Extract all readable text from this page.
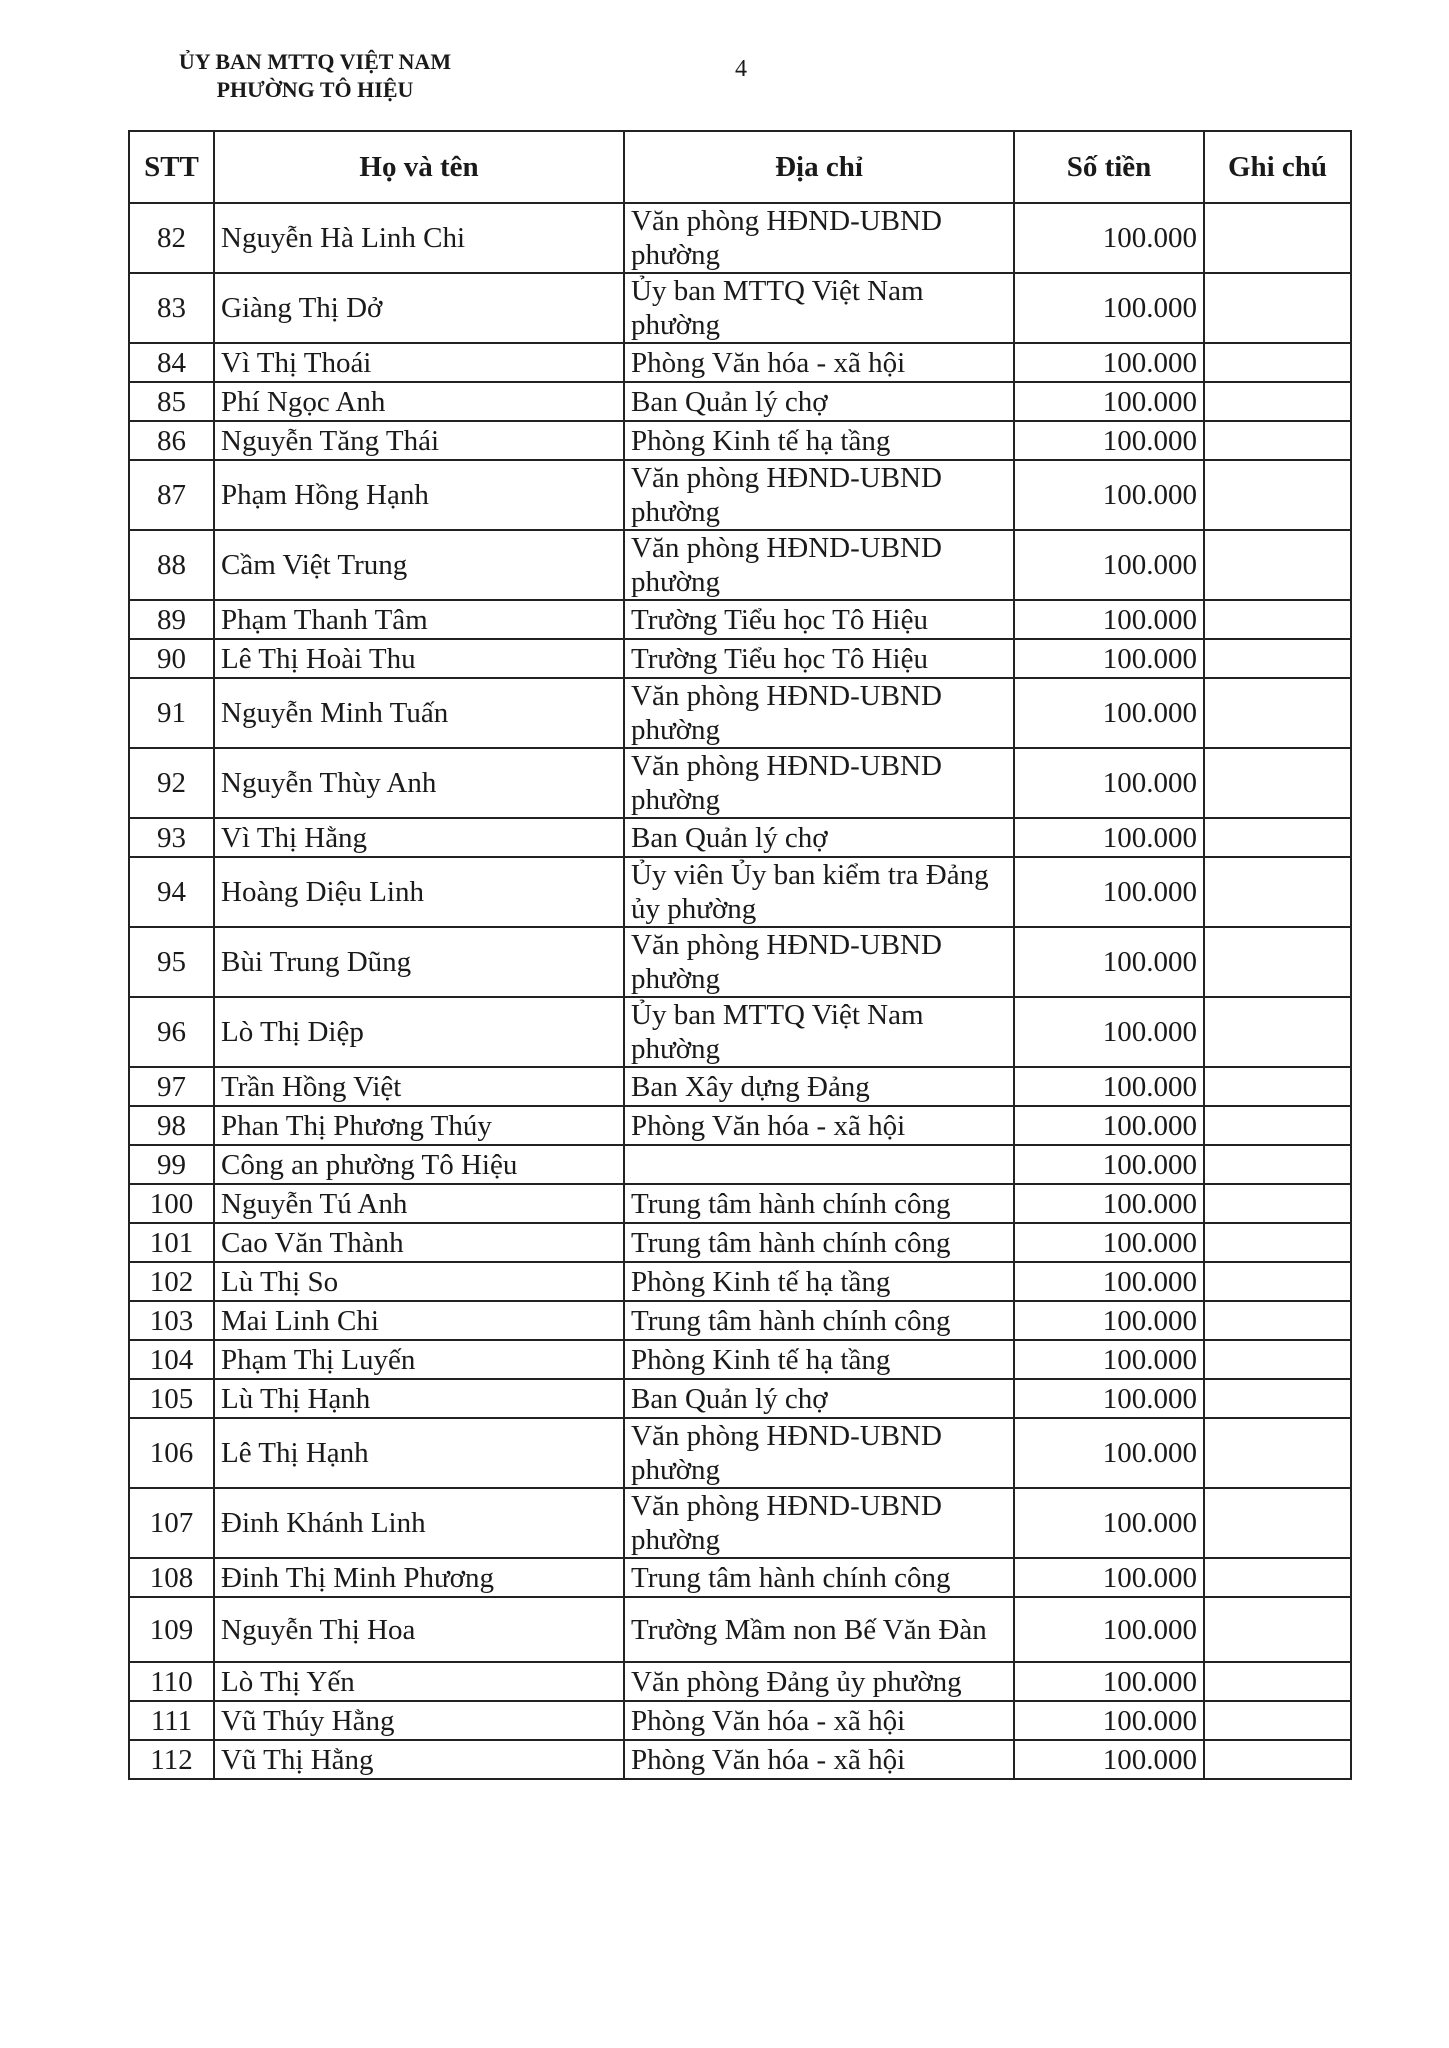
ỦY BAN MTTQ VIỆT NAM
PHƯỜNG TÔ HIỆU
4
STT	Họ và tên	Địa chỉ	Số tiền	Ghi chú
82	Nguyễn Hà Linh Chi	Văn phòng HĐND-UBND
phường	100.000	
83	Giàng Thị Dở	Ủy ban MTTQ Việt Nam
phường	100.000	
84	Vì Thị Thoái	Phòng Văn hóa - xã hội	100.000	
85	Phí Ngọc Anh	Ban Quản lý chợ	100.000	
86	Nguyễn Tăng Thái	Phòng Kinh tế hạ tầng	100.000	
87	Phạm Hồng Hạnh	Văn phòng HĐND-UBND
phường	100.000	
88	Cầm Việt Trung	Văn phòng HĐND-UBND
phường	100.000	
89	Phạm Thanh Tâm	Trường Tiểu học Tô Hiệu	100.000	
90	Lê Thị Hoài Thu	Trường Tiểu học Tô Hiệu	100.000	
91	Nguyễn Minh Tuấn	Văn phòng HĐND-UBND
phường	100.000	
92	Nguyễn Thùy Anh	Văn phòng HĐND-UBND
phường	100.000	
93	Vì Thị Hằng	Ban Quản lý chợ	100.000	
94	Hoàng Diệu Linh	Ủy viên Ủy ban kiểm tra Đảng
ủy phường	100.000	
95	Bùi Trung Dũng	Văn phòng HĐND-UBND
phường	100.000	
96	Lò Thị Diệp	Ủy ban MTTQ Việt Nam
phường	100.000	
97	Trần Hồng Việt	Ban Xây dựng Đảng	100.000	
98	Phan Thị Phương Thúy	Phòng Văn hóa - xã hội	100.000	
99	Công an phường Tô Hiệu		100.000	
100	Nguyễn Tú Anh	Trung tâm hành chính công	100.000	
101	Cao Văn Thành	Trung tâm hành chính công	100.000	
102	Lù Thị So	Phòng Kinh tế hạ tầng	100.000	
103	Mai Linh Chi	Trung tâm hành chính công	100.000	
104	Phạm Thị Luyến	Phòng Kinh tế hạ tầng	100.000	
105	Lù Thị Hạnh	Ban Quản lý chợ	100.000	
106	Lê Thị Hạnh	Văn phòng HĐND-UBND
phường	100.000	
107	Đinh Khánh Linh	Văn phòng HĐND-UBND
phường	100.000	
108	Đinh Thị Minh Phương	Trung tâm hành chính công	100.000	
109	Nguyễn Thị Hoa	Trường Mầm non Bế Văn Đàn	100.000	
110	Lò Thị Yến	Văn phòng Đảng ủy phường	100.000	
111	Vũ Thúy Hằng	Phòng Văn hóa - xã hội	100.000	
112	Vũ Thị Hằng	Phòng Văn hóa - xã hội	100.000	
